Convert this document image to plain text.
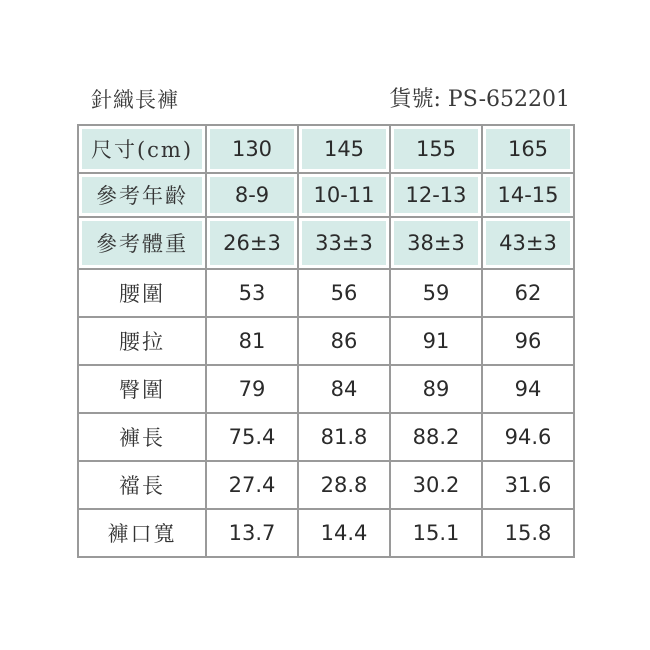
針織長褲	貨號: PS-652201
尺寸(cm)	130	145	155	165
參考年齡	8-9	10-11	12-13	14-15
參考體重	26±3	33±3	38±3	43±3
腰圍	53	56	59	62
腰拉	81	86	91	96
臀圍	79	84	89	94
褲長	75.4	81.8	88.2	94.6
襠長	27.4	28.8	30.2	31.6
褲口寬	13.7	14.4	15.1	15.8
